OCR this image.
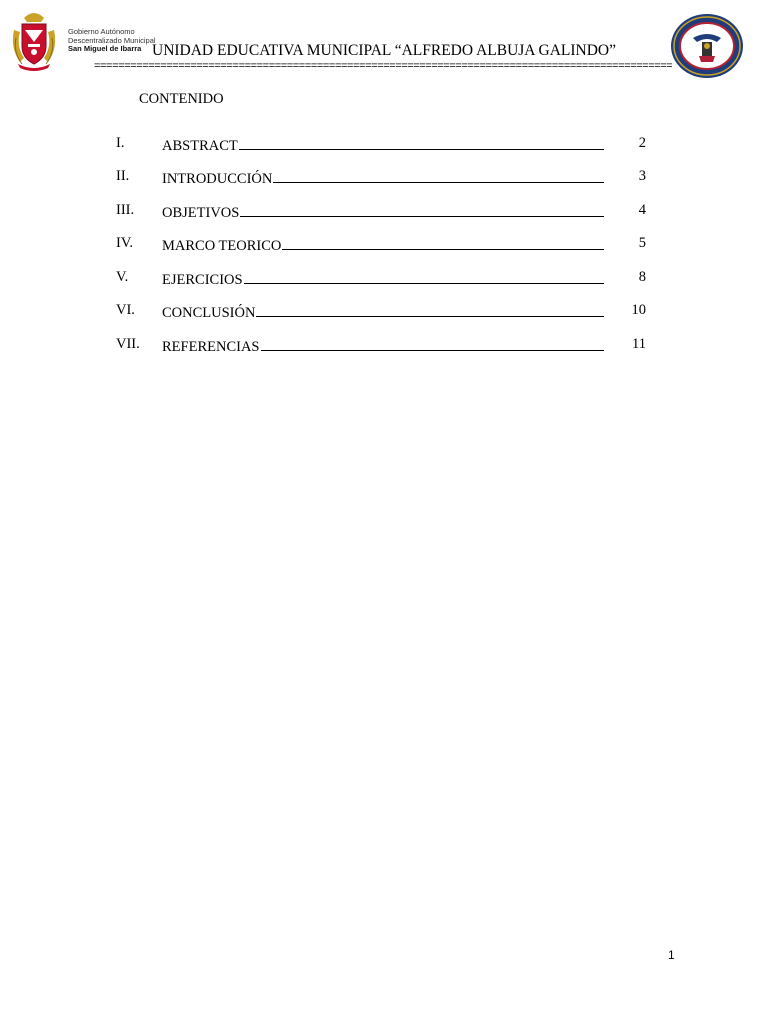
Gobierno Autónomo
Descentralizado Municipal
San Miguel de Ibarra UNIDAD EDUCATIVA MUNICIPAL “ALFREDO ALBUJA GALINDO”
================================================================================================
CONTENIDO
I.	ABSTRACT	2
II. INTRODUCCIÓN	3
III. OBJETIVOS	4
IV. MARCO TEORICO	5
V. EJERCICIOS	8
VI. CONCLUSIÓN	10
VII. REFERENCIAS	11
1
